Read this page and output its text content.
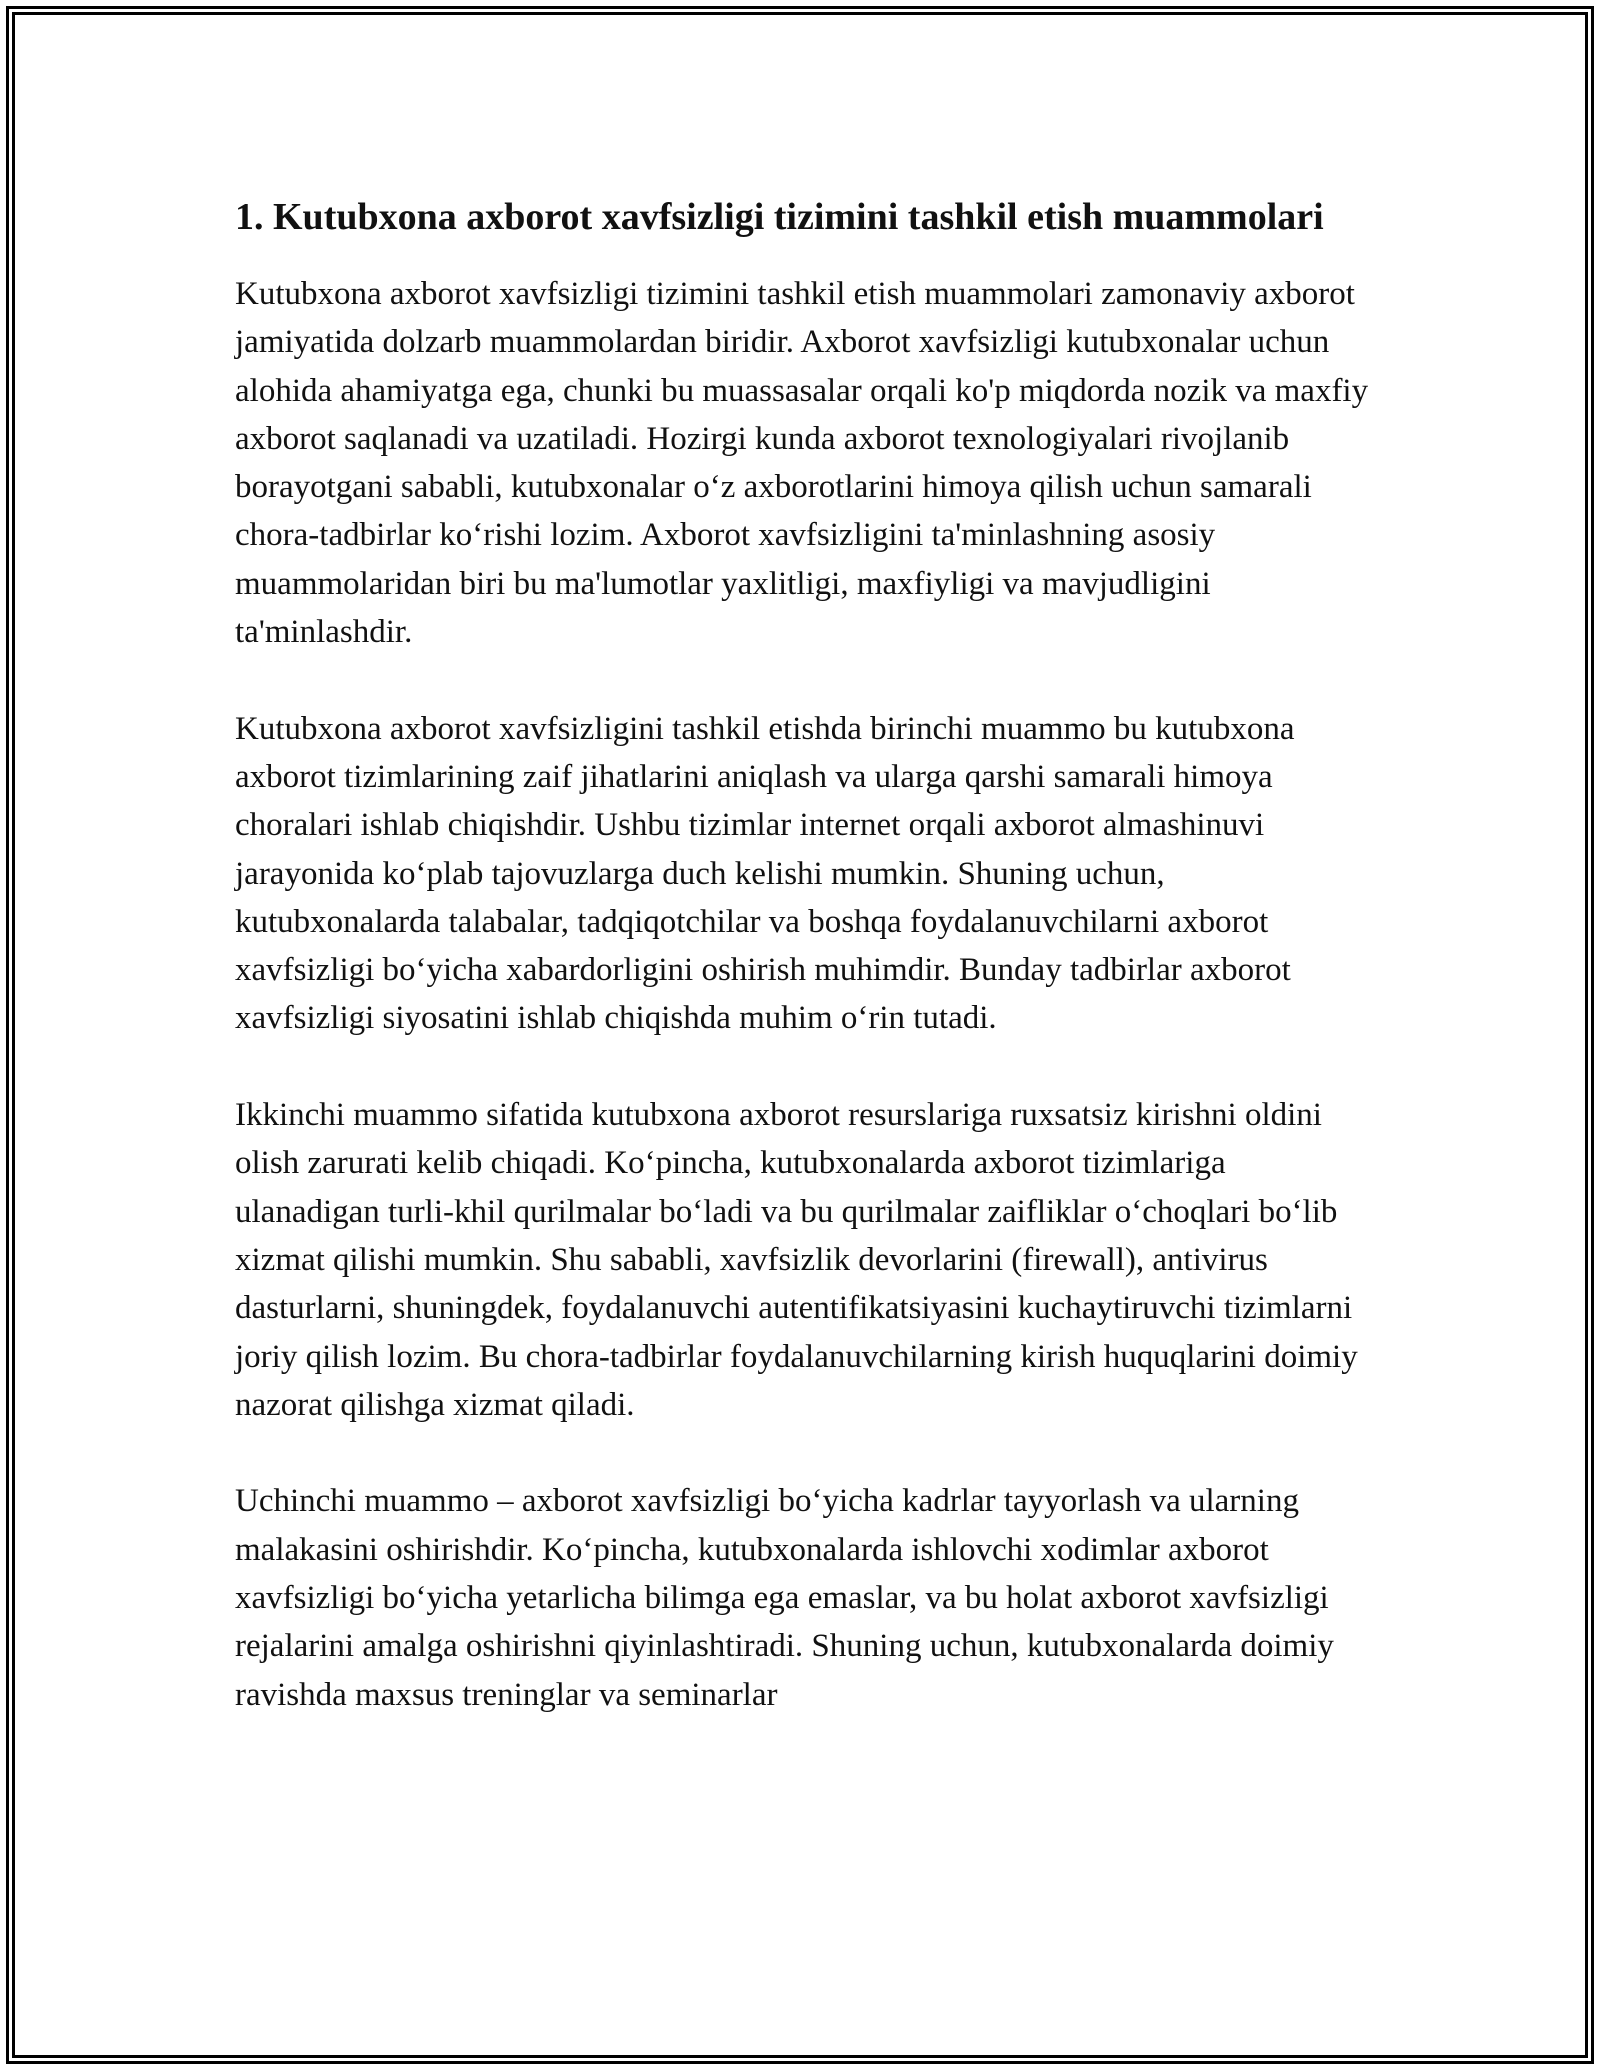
1. Kutubxona axborot xavfsizligi tizimini tashkil etish muammolari

Kutubxona axborot xavfsizligi tizimini tashkil etish muammolari zamonaviy axborot jamiyatida dolzarb muammolardan biridir. Axborot xavfsizligi kutubxonalar uchun alohida ahamiyatga ega, chunki bu muassasalar orqali ko'p miqdorda nozik va maxfiy axborot saqlanadi va uzatiladi. Hozirgi kunda axborot texnologiyalari rivojlanib borayotgani sababli, kutubxonalar o‘z axborotlarini himoya qilish uchun samarali chora-tadbirlar ko‘rishi lozim. Axborot xavfsizligini ta'minlashning asosiy muammolaridan biri bu ma'lumotlar yaxlitligi, maxfiyligi va mavjudligini ta'minlashdir.

Kutubxona axborot xavfsizligini tashkil etishda birinchi muammo bu kutubxona axborot tizimlarining zaif jihatlarini aniqlash va ularga qarshi samarali himoya choralari ishlab chiqishdir. Ushbu tizimlar internet orqali axborot almashinuvi jarayonida ko‘plab tajovuzlarga duch kelishi mumkin. Shuning uchun, kutubxonalarda talabalar, tadqiqotchilar va boshqa foydalanuvchilarni axborot xavfsizligi bo‘yicha xabardorligini oshirish muhimdir. Bunday tadbirlar axborot xavfsizligi siyosatini ishlab chiqishda muhim o‘rin tutadi.

Ikkinchi muammo sifatida kutubxona axborot resurslariga ruxsatsiz kirishni oldini olish zarurati kelib chiqadi. Ko‘pincha, kutubxonalarda axborot tizimlariga ulanadigan turli-khil qurilmalar bo‘ladi va bu qurilmalar zaifliklar o‘choqlari bo‘lib xizmat qilishi mumkin. Shu sababli, xavfsizlik devorlarini (firewall), antivirus dasturlarni, shuningdek, foydalanuvchi autentifikatsiyasini kuchaytiruvchi tizimlarni joriy qilish lozim. Bu chora-tadbirlar foydalanuvchilarning kirish huquqlarini doimiy nazorat qilishga xizmat qiladi.

Uchinchi muammo – axborot xavfsizligi bo‘yicha kadrlar tayyorlash va ularning malakasini oshirishdir. Ko‘pincha, kutubxonalarda ishlovchi xodimlar axborot xavfsizligi bo‘yicha yetarlicha bilimga ega emaslar, va bu holat axborot xavfsizligi rejalarini amalga oshirishni qiyinlashtiradi. Shuning uchun, kutubxonalarda doimiy ravishda maxsus treninglar va seminarlar
